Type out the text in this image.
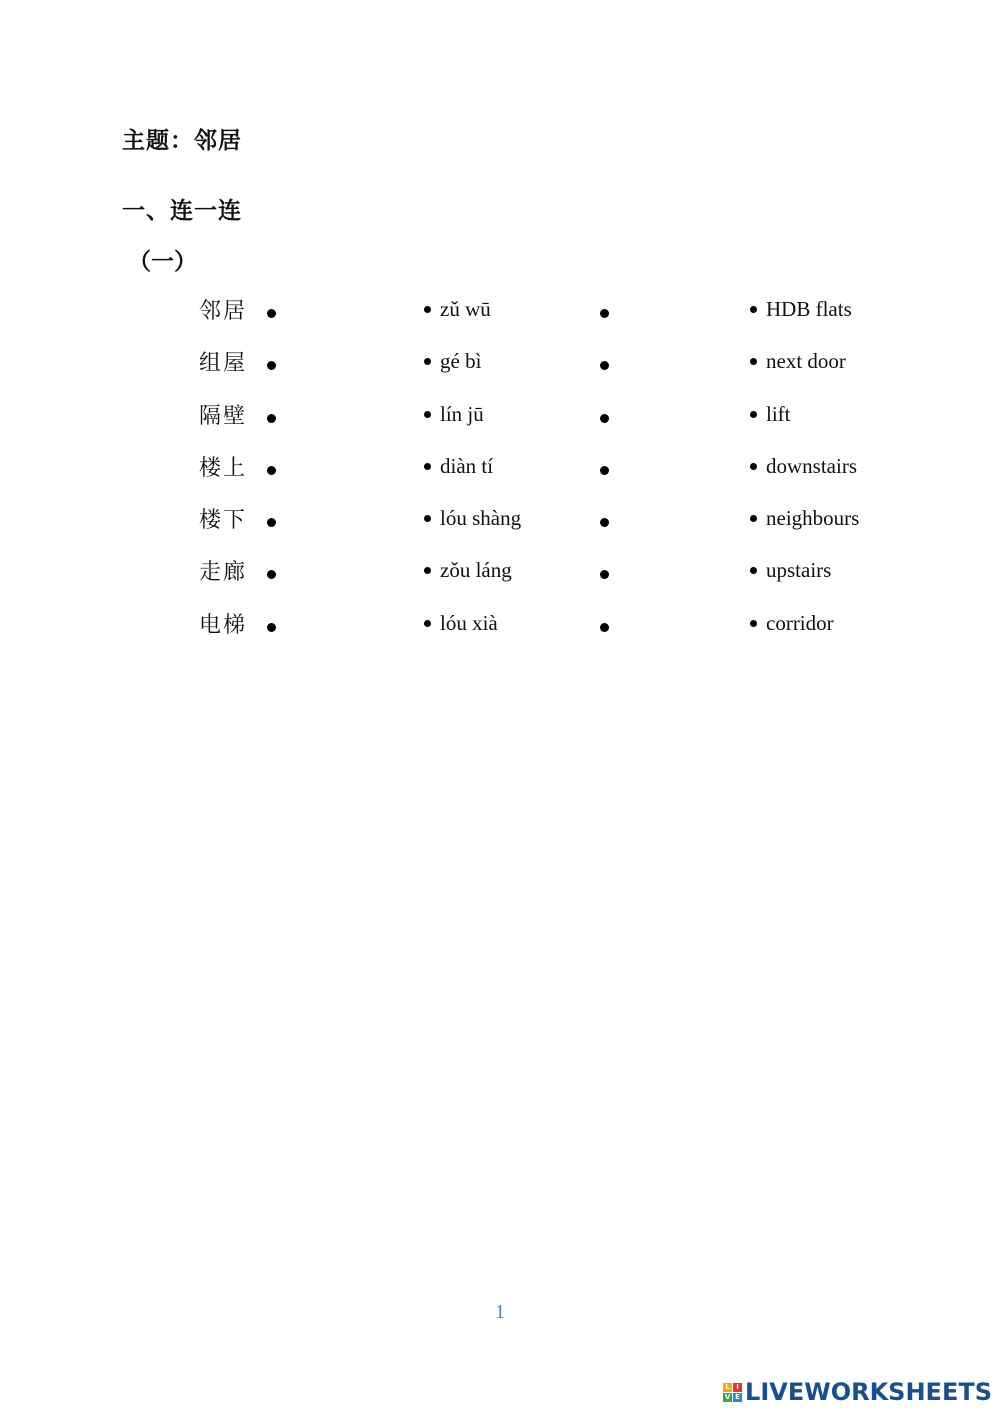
主题：邻居
一、连一连
（一）
邻居	zǔ wū	HDB flats
组屋	gé bì	next door
隔壁	lín jū	lift
楼上	diàn tí	downstairs
楼下	lóu shàng	neighbours
走廊	zǒu láng	upstairs
电梯	lóu xià	corridor
1
L I
V E LIVEWORKSHEETS
